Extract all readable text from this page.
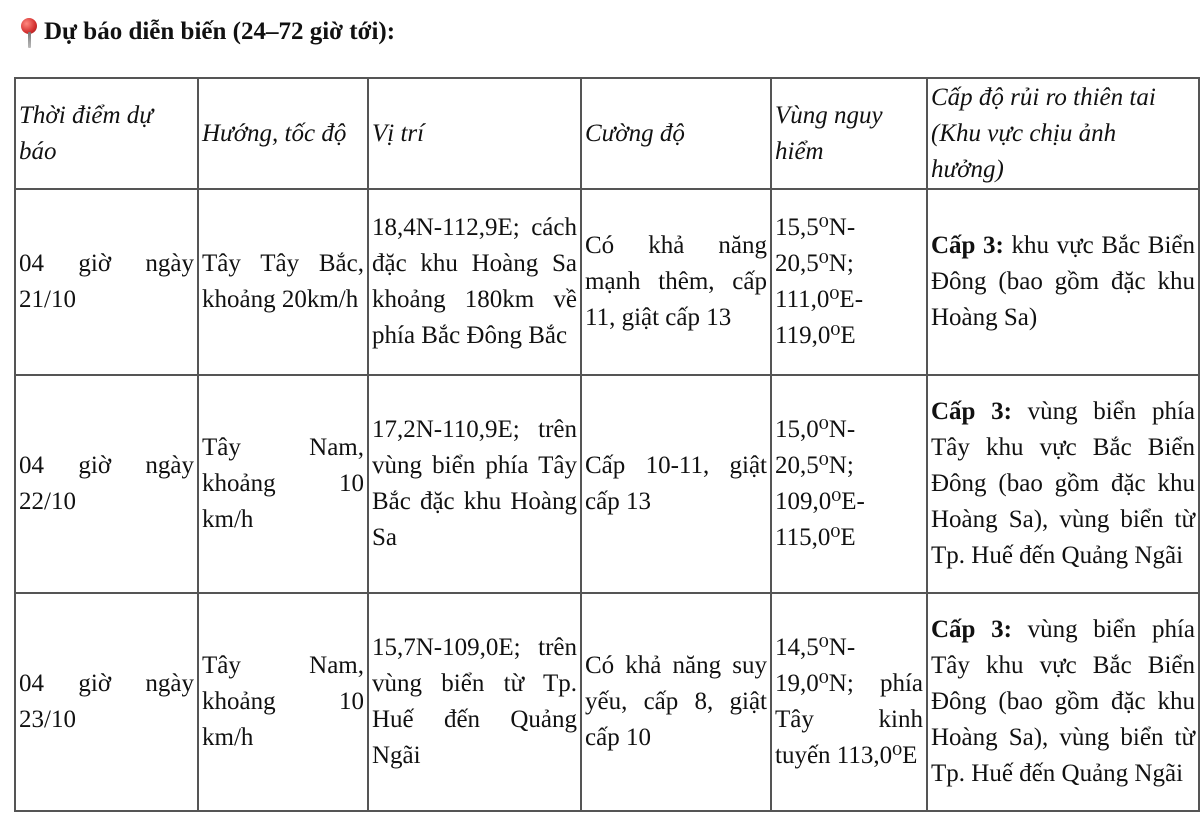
Dự báo diễn biến (24–72 giờ tới):
Thời điểm dự báo	Hướng, tốc độ	Vị trí	Cường độ	Vùng nguy hiểm	Cấp độ rủi ro thiên tai (Khu vực chịu ảnh hưởng)
04 giờ ngày 21/10	Tây Tây Bắc, khoảng 20km/h	18,4N-112,9E; cách đặc khu Hoàng Sa khoảng 180km về phía Bắc Đông Bắc	Có khả năng mạnh thêm, cấp 11, giật cấp 13	15,5⁰N-20,5⁰N; 111,0⁰E-119,0⁰E	Cấp 3: khu vực Bắc Biển Đông (bao gồm đặc khu Hoàng Sa)
04 giờ ngày 22/10	Tây Nam, khoảng 10 km/h	17,2N-110,9E; trên vùng biển phía Tây Bắc đặc khu Hoàng Sa	Cấp 10-11, giật cấp 13	15,0⁰N-20,5⁰N; 109,0⁰E-115,0⁰E	Cấp 3: vùng biển phía Tây khu vực Bắc Biển Đông (bao gồm đặc khu Hoàng Sa), vùng biển từ Tp. Huế đến Quảng Ngãi
04 giờ ngày 23/10	Tây Nam, khoảng 10 km/h	15,7N-109,0E; trên vùng biển từ Tp. Huế đến Quảng Ngãi	Có khả năng suy yếu, cấp 8, giật cấp 10	14,5⁰N-19,0⁰N; phía Tây kinh tuyến 113,0⁰E	Cấp 3: vùng biển phía Tây khu vực Bắc Biển Đông (bao gồm đặc khu Hoàng Sa), vùng biển từ Tp. Huế đến Quảng Ngãi
